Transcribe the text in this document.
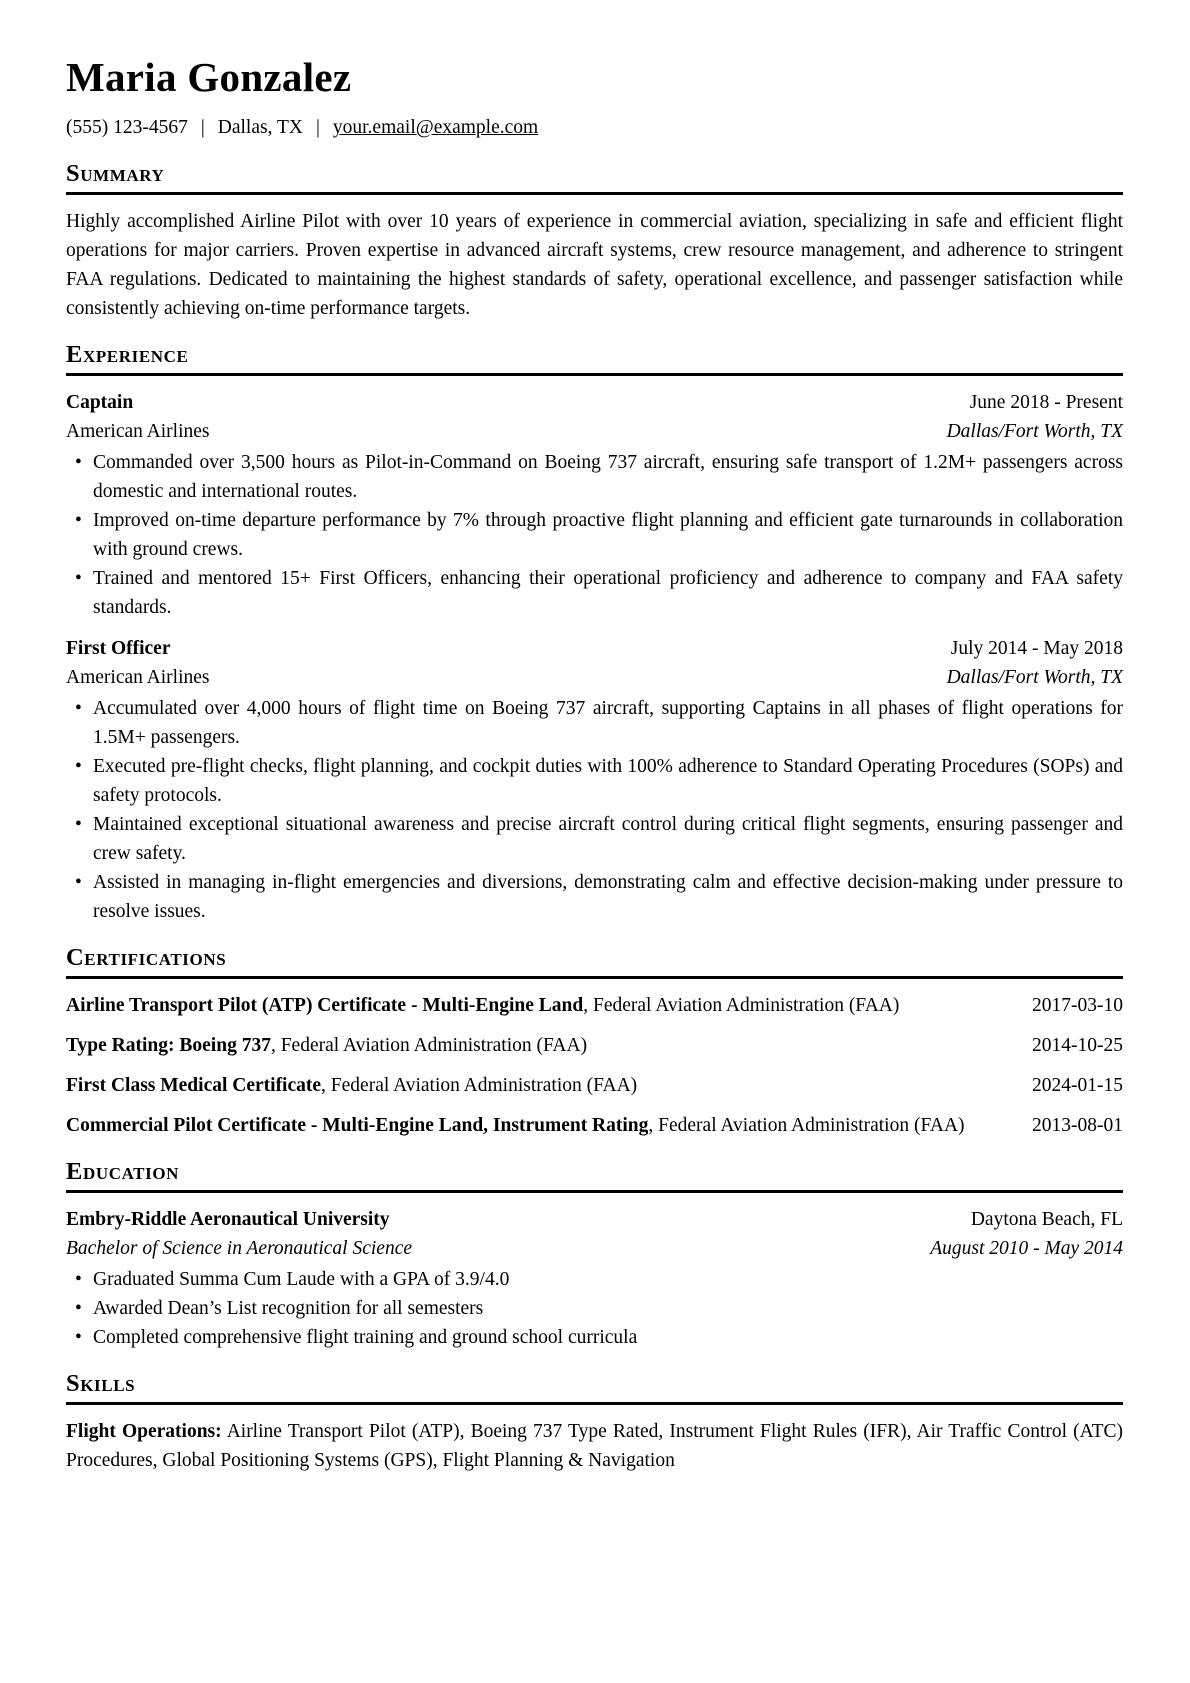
Maria Gonzalez
(555) 123-4567 | Dallas, TX | your.email@example.com
Summary

Highly accomplished Airline Pilot with over 10 years of experience in commercial aviation, specializing in safe and efficient flight operations for major carriers. Proven expertise in advanced aircraft systems, crew resource management, and adherence to stringent FAA regulations. Dedicated to maintaining the highest standards of safety, operational excellence, and passenger satisfaction while consistently achieving on-time performance targets.

Experience
Captain	June 2018 - Present
American Airlines	Dallas/Fort Worth, TX
• Commanded over 3,500 hours as Pilot-in-Command on Boeing 737 aircraft, ensuring safe transport of 1.2M+ passengers across domestic and international routes.
• Improved on-time departure performance by 7% through proactive flight planning and efficient gate turnarounds in collaboration with ground crews.
• Trained and mentored 15+ First Officers, enhancing their operational proficiency and adherence to company and FAA safety standards.
First Officer	July 2014 - May 2018
American Airlines	Dallas/Fort Worth, TX
• Accumulated over 4,000 hours of flight time on Boeing 737 aircraft, supporting Captains in all phases of flight operations for 1.5M+ passengers.
• Executed pre-flight checks, flight planning, and cockpit duties with 100% adherence to Standard Operating Procedures (SOPs) and safety protocols.
• Maintained exceptional situational awareness and precise aircraft control during critical flight segments, ensuring passenger and crew safety.
• Assisted in managing in-flight emergencies and diversions, demonstrating calm and effective decision-making under pressure to resolve issues.
Certifications

Airline Transport Pilot (ATP) Certificate - Multi-Engine Land, Federal Aviation Administration (FAA)	2017-03-10

Type Rating: Boeing 737, Federal Aviation Administration (FAA)	2014-10-25

First Class Medical Certificate, Federal Aviation Administration (FAA)	2024-01-15

Commercial Pilot Certificate - Multi-Engine Land, Instrument Rating, Federal Aviation Administration (FAA)	2013-08-01

Education
Embry-Riddle Aeronautical University	Daytona Beach, FL
Bachelor of Science in Aeronautical Science	August 2010 - May 2014
• Graduated Summa Cum Laude with a GPA of 3.9/4.0
• Awarded Dean’s List recognition for all semesters
• Completed comprehensive flight training and ground school curricula
Skills

Flight Operations: Airline Transport Pilot (ATP), Boeing 737 Type Rated, Instrument Flight Rules (IFR), Air Traffic Control (ATC) Procedures, Global Positioning Systems (GPS), Flight Planning & Navigation
